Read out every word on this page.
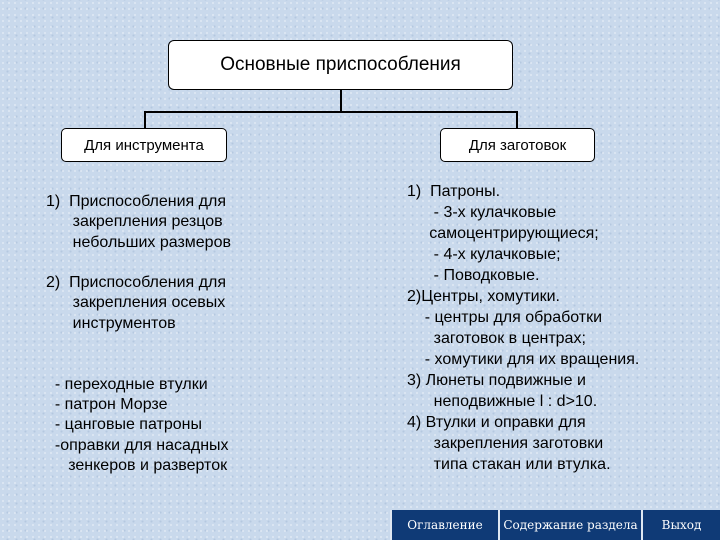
Основные приспособления
Для инструмента	Для заготовок
1)  Приспособления для
закрепления резцов
небольших размеров
2)  Приспособления для
закрепления осевых
инструментов
- переходные втулки
- патрон Морзе
- цанговые патроны
-оправки для насадных
зенкеров и разверток
1)  Патроны.
- 3-х кулачковые
самоцентрирующиеся;
- 4-х кулачковые;
- Поводковые.
2)Центры, хомутики.
- центры для обработки
заготовок в центрах;
- хомутики для их вращения.
3) Люнеты подвижные и
неподвижные l : d>10.
4) Втулки и оправки для
закрепления заготовки
типа стакан или втулка.
Оглавление	Содержание раздела	Выход
